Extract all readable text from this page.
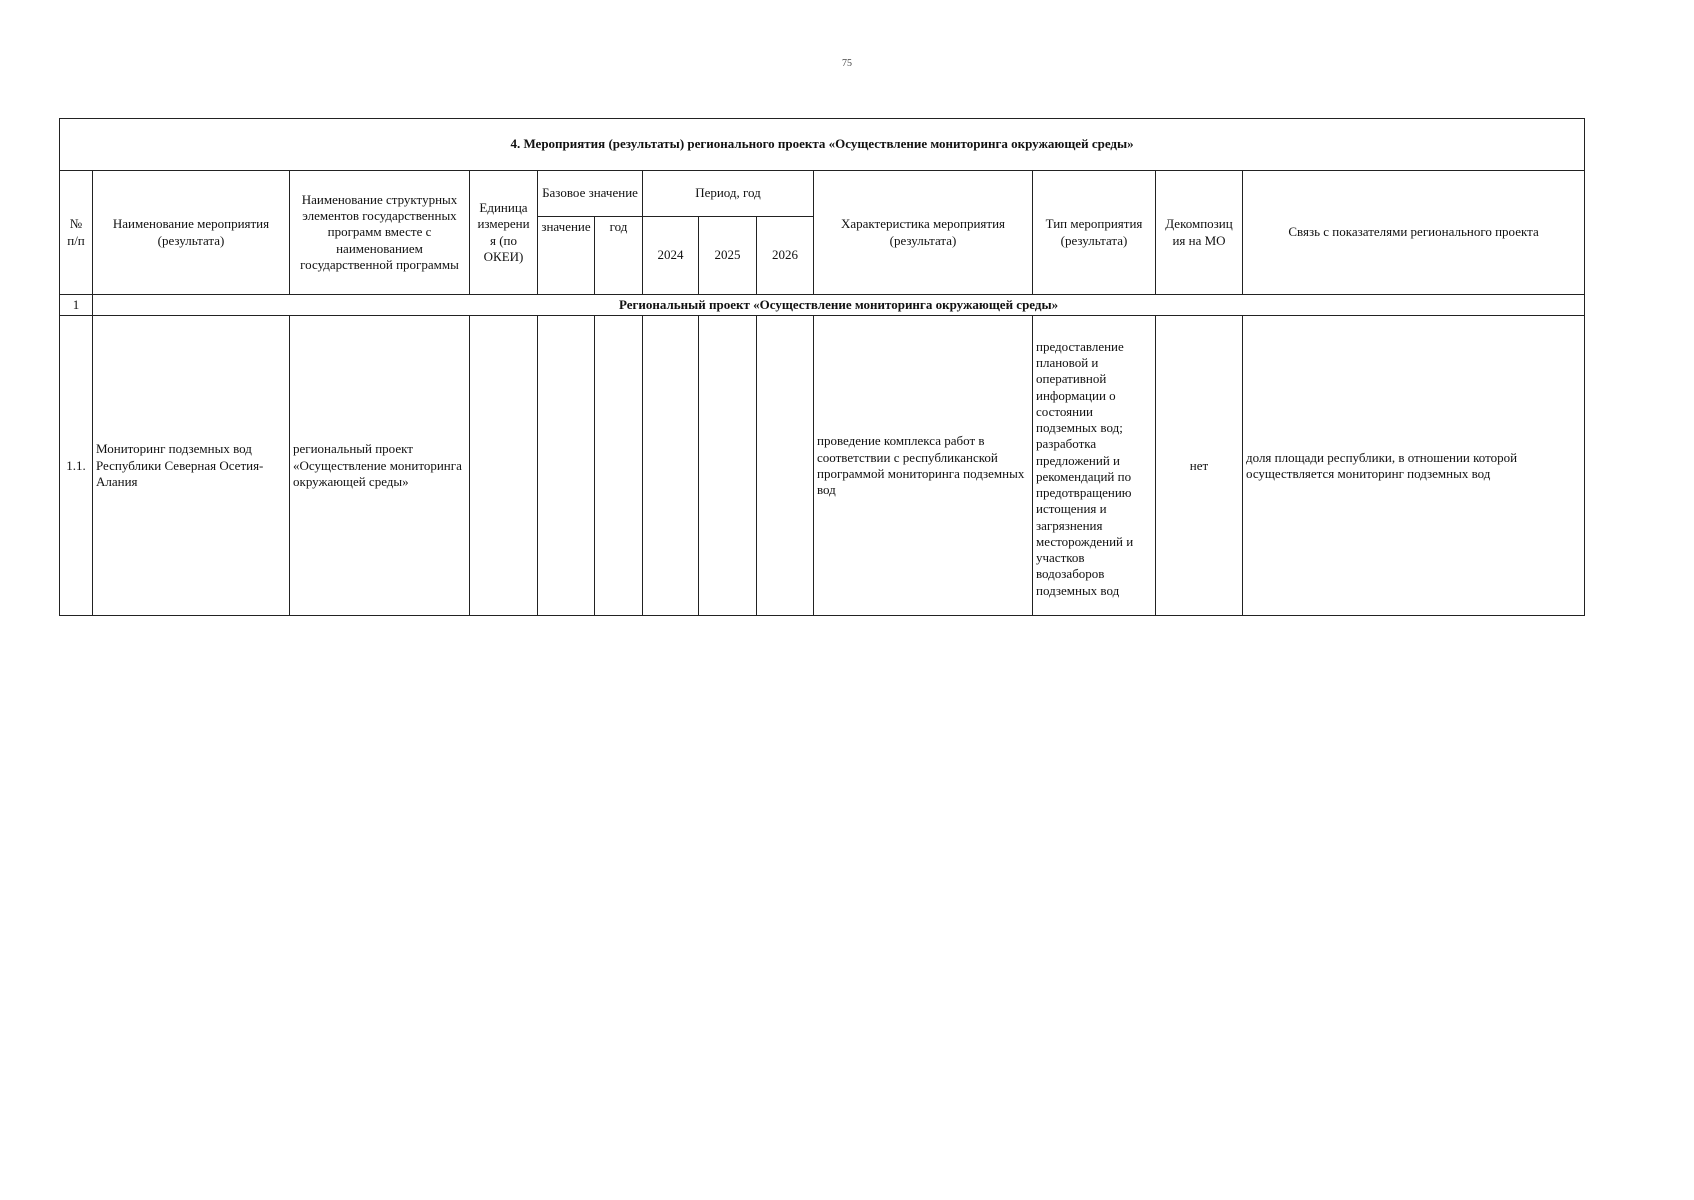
75
4. Мероприятия (результаты) регионального проекта «Осуществление мониторинга окружающей среды»												
№ п/п	Наименование мероприятия (результата)	Наименование структурных элементов государственных программ вместе с наименованием государственной программы	Единица измерени я (по ОКЕИ)	Базовое значение		Период, год			Характеристика мероприятия (результата)	Тип мероприятия (результата)	Декомпозиц ия на МО	Связь с показателями регионального проекта
				значение	год	2024	2025	2026				
1	Региональный проект «Осуществление мониторинга окружающей среды»											
1.1.	Мониторинг подземных вод Республики Северная Осетия-Алания	региональный проект «Осуществление мониторинга окружающей среды»							проведение комплекса работ в соответствии с республиканской программой мониторинга подземных вод	предоставление плановой и оперативной информации о состоянии подземных вод; разработка предложений и рекомендаций по предотвращению истощения и загрязнения месторождений и участков водозаборов подземных вод	нет	доля площади республики, в отношении которой осуществляется мониторинг подземных вод
